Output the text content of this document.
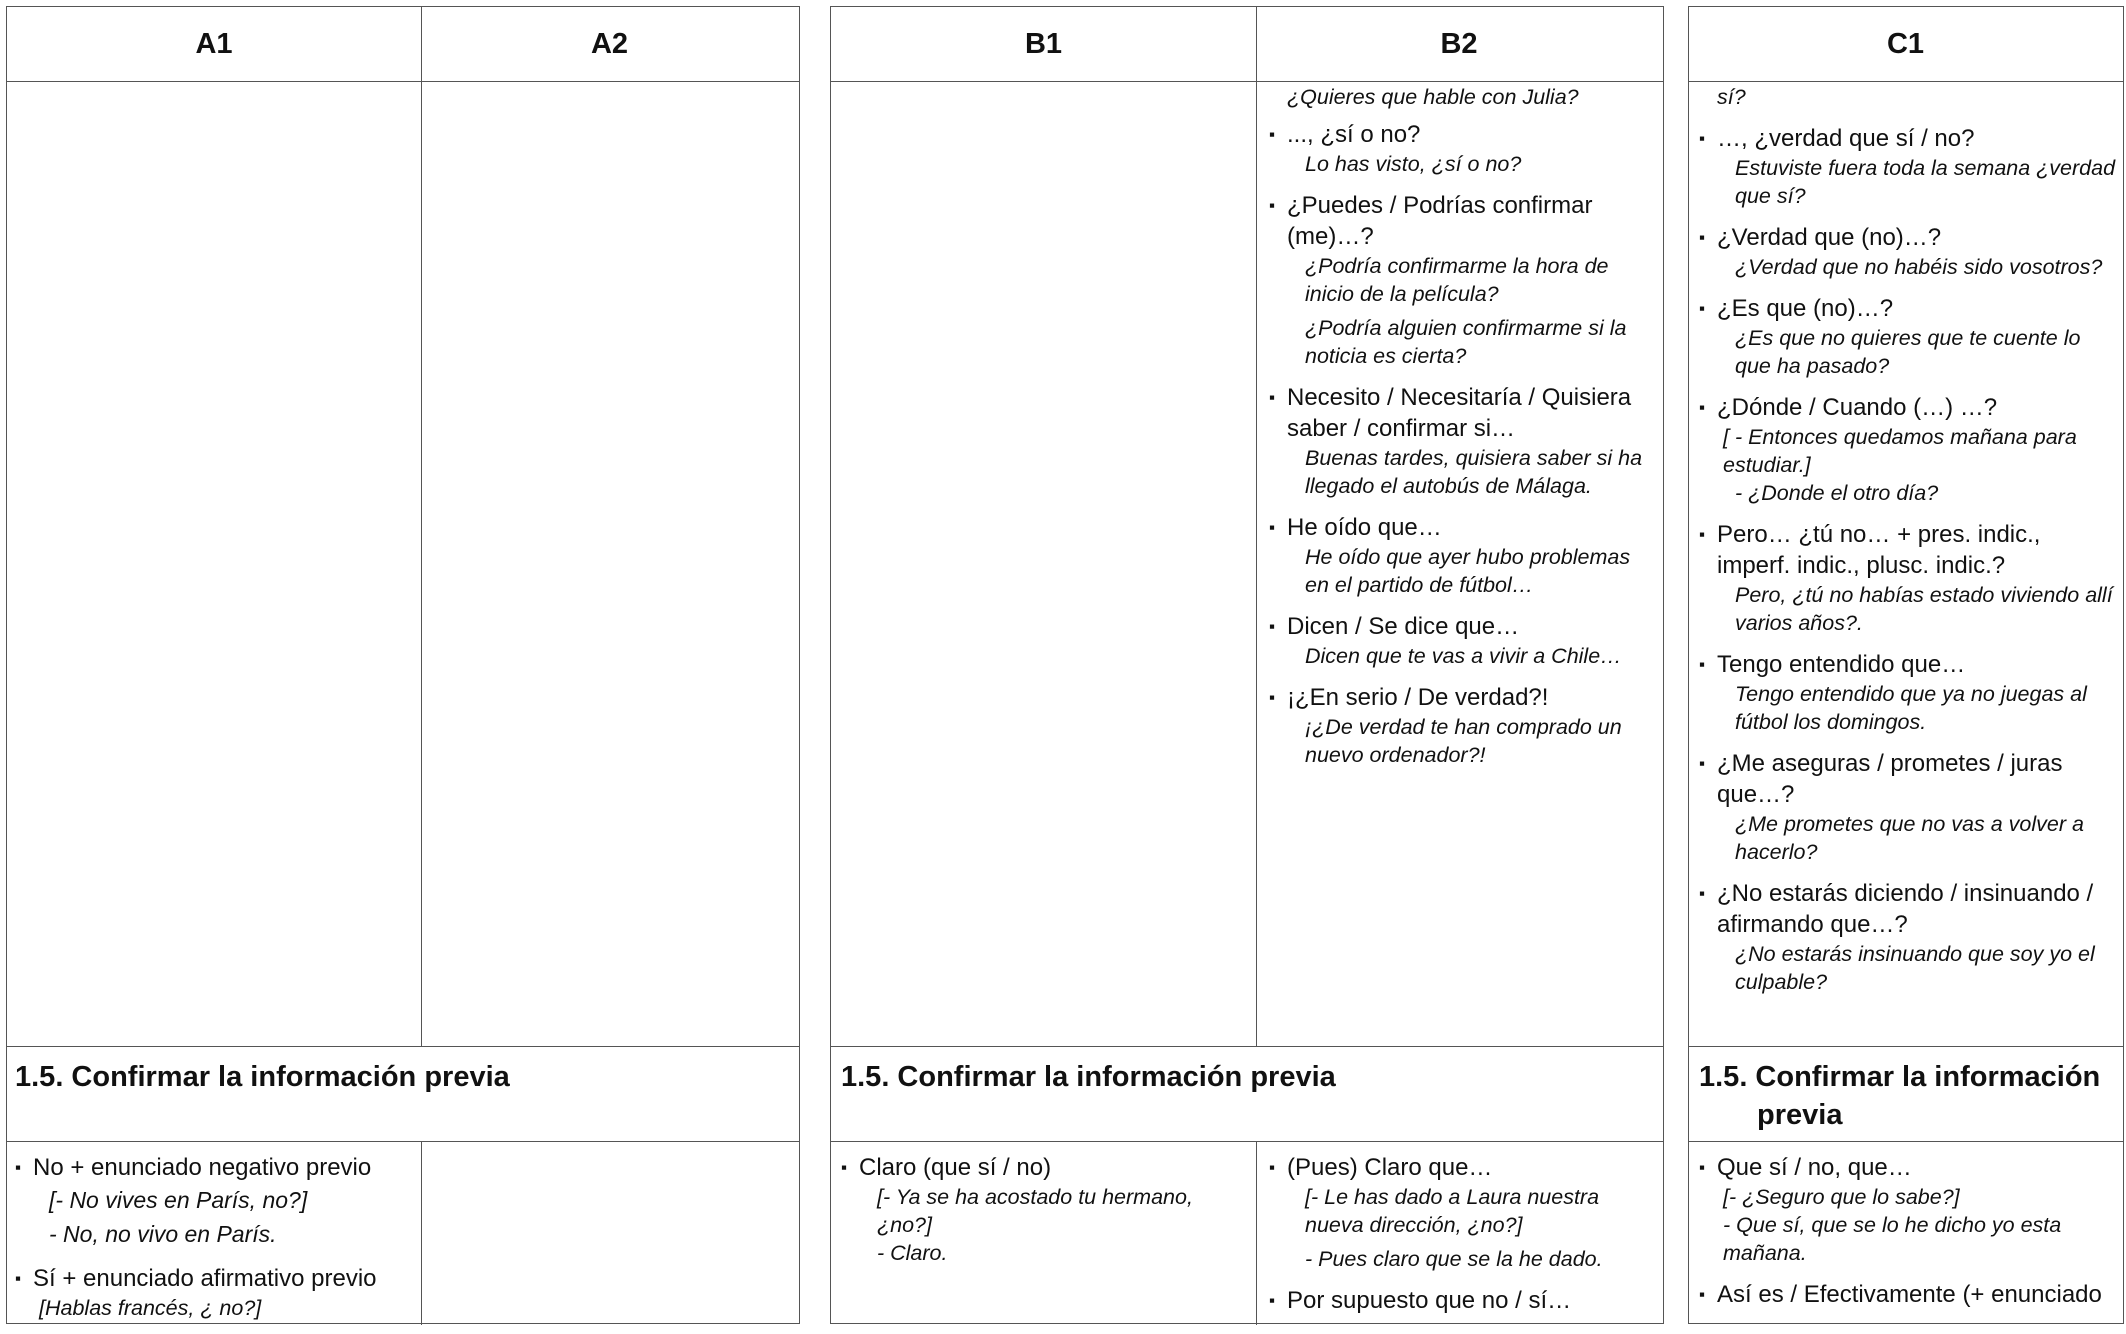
A1	A2
1.5. Confirmar la información previa
▪ No + enunciado negativo previo
[- No vives en París, no?]
- No, no vivo en París.
▪ Sí + enunciado afirmativo previo
[Hablas francés, ¿ no?]
B1	B2
1.5. Confirmar la información previa
¿Quieres que hable con Julia?
▪ ..., ¿sí o no?
Lo has visto, ¿sí o no?
▪ ¿Puedes / Podrías confirmar (me)…?
¿Podría confirmarme la hora de inicio de la película?
¿Podría alguien confirmarme si la noticia es cierta?
▪ Necesito / Necesitaría / Quisiera saber / confirmar si…
Buenas tardes, quisiera saber si ha llegado el autobús de Málaga.
▪ He oído que…
He oído que ayer hubo problemas en el partido de fútbol…
▪ Dicen / Se dice que…
Dicen que te vas a vivir a Chile…
▪ ¡¿En serio / De verdad?!
¡¿De verdad te han comprado un nuevo ordenador?!
▪ Claro (que sí / no)
[- Ya se ha acostado tu hermano, ¿no?]
- Claro.
▪ (Pues) Claro que…
[- Le has dado a Laura nuestra nueva dirección, ¿no?]
- Pues claro que se la he dado.
▪ Por supuesto que no / sí…
C1
1.5. Confirmar la información
previa
sí?
▪ …, ¿verdad que sí / no?
Estuviste fuera toda la semana ¿verdad que sí?
▪ ¿Verdad que (no)…?
¿Verdad que no habéis sido vosotros?
▪ ¿Es que (no)…?
¿Es que no quieres que te cuente lo que ha pasado?
▪ ¿Dónde / Cuando (…) …?
[ - Entonces quedamos mañana para estudiar.]
- ¿Donde el otro día?
▪ Pero… ¿tú no… + pres. indic., imperf. indic., plusc. indic.?
Pero, ¿tú no habías estado viviendo allí varios años?.
▪ Tengo entendido que…
Tengo entendido que ya no juegas al fútbol los domingos.
▪ ¿Me aseguras / prometes / juras que…?
¿Me prometes que no vas a volver a hacerlo?
▪ ¿No estarás diciendo / insinuando / afirmando que…?
¿No estarás insinuando que soy yo el culpable?
▪ Que sí / no, que…
[- ¿Seguro que lo sabe?]
- Que sí, que se lo he dicho yo esta mañana.
▪ Así es / Efectivamente (+ enunciado
